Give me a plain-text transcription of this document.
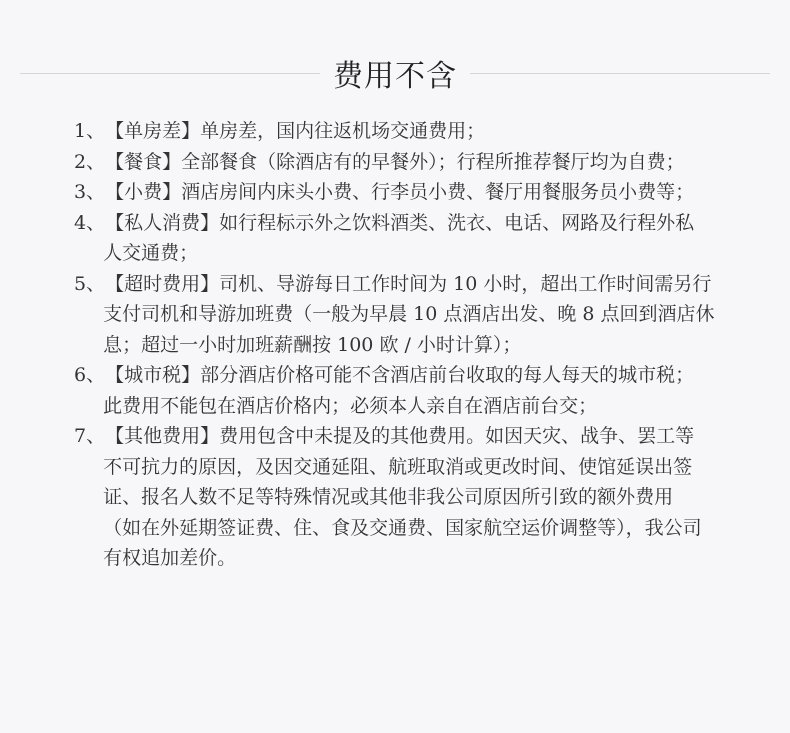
费用不含
1、 【单房差】单房差，国内往返机场交通费用；
2、 【餐食】全部餐食（除酒店有的早餐外）；行程所推荐餐厅均为自费；
3、 【小费】酒店房间内床头小费、行李员小费、餐厅用餐服务员小费等；
4、 【私人消费】如行程标示外之饮料酒类、洗衣、电话、网路及行程外私
人交通费；
5、 【超时费用】司机、导游每日工作时间为 10 小时，超出工作时间需另行
支付司机和导游加班费（一般为早晨 10 点酒店出发、晚 8 点回到酒店休
息；超过一小时加班薪酬按 100 欧 / 小时计算）；
6、 【城市税】部分酒店价格可能不含酒店前台收取的每人每天的城市税；
此费用不能包在酒店价格内；必须本人亲自在酒店前台交；
7、 【其他费用】费用包含中未提及的其他费用。如因天灾、战争、罢工等
不可抗力的原因，及因交通延阻、航班取消或更改时间、使馆延误出签
证、报名人数不足等特殊情况或其他非我公司原因所引致的额外费用
（如在外延期签证费、住、食及交通费、国家航空运价调整等），我公司
有权追加差价。
